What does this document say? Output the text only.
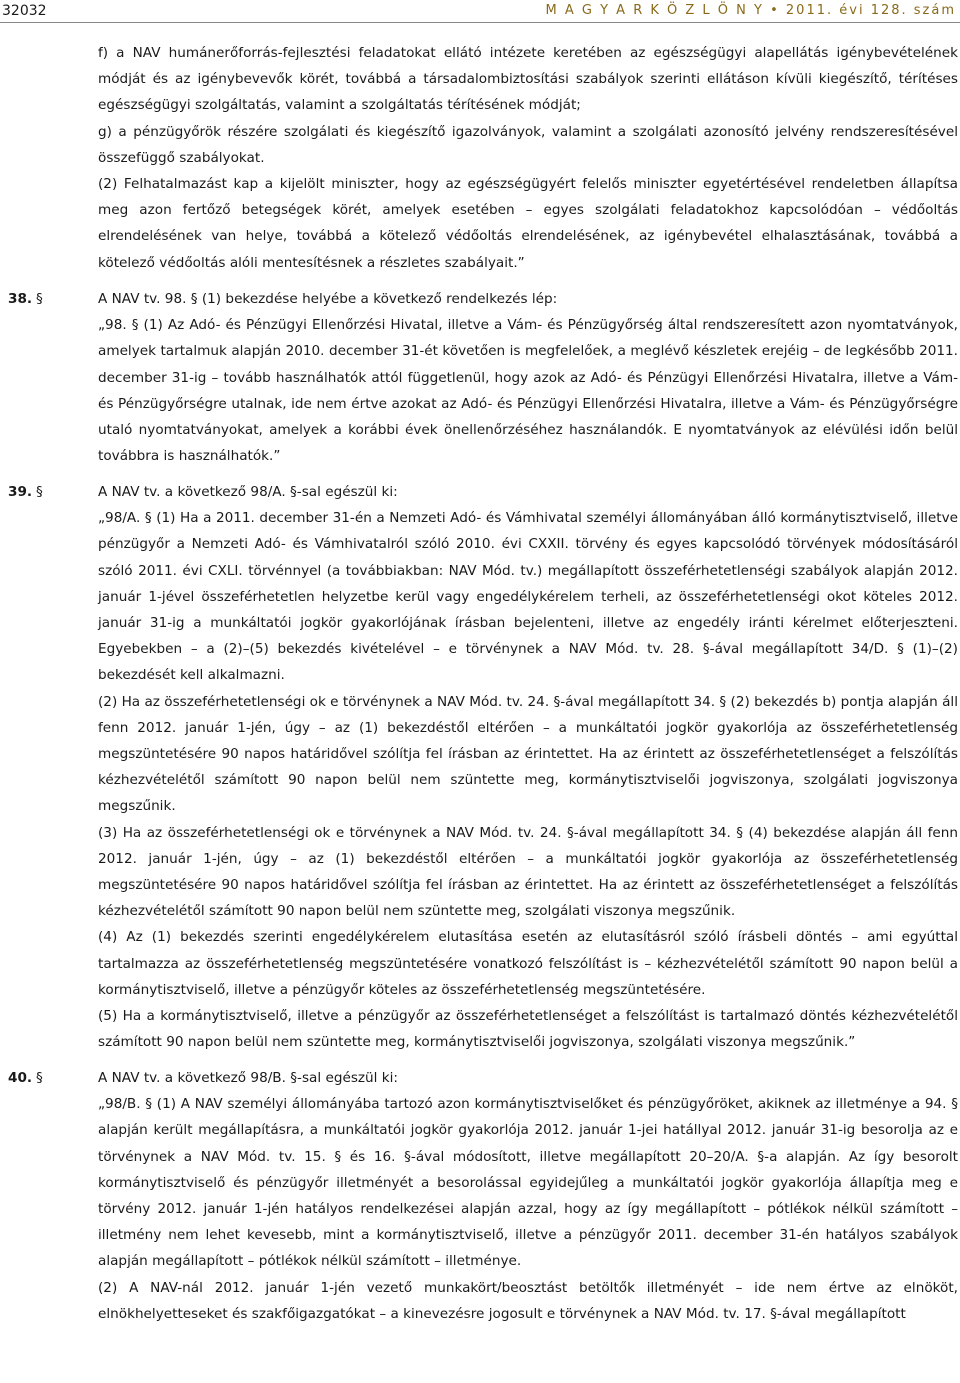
32032	M A G Y A R K Ö Z L Ö N Y • 2011. évi 128. szám

f) a NAV humánerőforrás-fejlesztési feladatokat ellátó intézete keretében az egészségügyi alapellátás igénybevételének módját és az igénybevevők körét, továbbá a társadalombiztosítási szabályok szerinti ellátáson kívüli kiegészítő, térítéses egészségügyi szolgáltatás, valamint a szolgáltatás térítésének módját;

g) a pénzügyőrök részére szolgálati és kiegészítő igazolványok, valamint a szolgálati azonosító jelvény rendszeresítésével összefüggő szabályokat.

(2) Felhatalmazást kap a kijelölt miniszter, hogy az egészségügyért felelős miniszter egyetértésével rendeletben állapítsa meg azon fertőző betegségek körét, amelyek esetében – egyes szolgálati feladatokhoz kapcsolódóan – védőoltás elrendelésének van helye, továbbá a kötelező védőoltás elrendelésének, az igénybevétel elhalasztásának, továbbá a kötelező védőoltás alóli mentesítésnek a részletes szabályait.”

38. §	A NAV tv. 98. § (1) bekezdése helyébe a következő rendelkezés lép:

„98. § (1) Az Adó- és Pénzügyi Ellenőrzési Hivatal, illetve a Vám- és Pénzügyőrség által rendszeresített azon nyomtatványok, amelyek tartalmuk alapján 2010. december 31-ét követően is megfelelőek, a meglévő készletek erejéig – de legkésőbb 2011. december 31-ig – tovább használhatók attól függetlenül, hogy azok az Adó- és Pénzügyi Ellenőrzési Hivatalra, illetve a Vám- és Pénzügyőrségre utalnak, ide nem értve azokat az Adó- és Pénzügyi Ellenőrzési Hivatalra, illetve a Vám- és Pénzügyőrségre utaló nyomtatványokat, amelyek a korábbi évek önellenőrzéséhez használandók. E nyomtatványok az elévülési időn belül továbbra is használhatók.”

39. §	A NAV tv. a következő 98/A. §-sal egészül ki:

„98/A. § (1) Ha a 2011. december 31-én a Nemzeti Adó- és Vámhivatal személyi állományában álló kormánytisztviselő, illetve pénzügyőr a Nemzeti Adó- és Vámhivatalról szóló 2010. évi CXXII. törvény és egyes kapcsolódó törvények módosításáról szóló 2011. évi CXLI. törvénnyel (a továbbiakban: NAV Mód. tv.) megállapított összeférhetetlenségi szabályok alapján 2012. január 1-jével összeférhetetlen helyzetbe kerül vagy engedélykérelem terheli, az összeférhetetlenségi okot köteles 2012. január 31-ig a munkáltatói jogkör gyakorlójának írásban bejelenteni, illetve az engedély iránti kérelmet előterjeszteni. Egyebekben – a (2)–(5) bekezdés kivételével – e törvénynek a NAV Mód. tv. 28. §-ával megállapított 34/D. § (1)–(2) bekezdését kell alkalmazni.

(2) Ha az összeférhetetlenségi ok e törvénynek a NAV Mód. tv. 24. §-ával megállapított 34. § (2) bekezdés b) pontja alapján áll fenn 2012. január 1-jén, úgy – az (1) bekezdéstől eltérően – a munkáltatói jogkör gyakorlója az összeférhetetlenség megszüntetésére 90 napos határidővel szólítja fel írásban az érintettet. Ha az érintett az összeférhetetlenséget a felszólítás kézhezvételétől számított 90 napon belül nem szüntette meg, kormánytisztviselői jogviszonya, szolgálati jogviszonya megszűnik.

(3) Ha az összeférhetetlenségi ok e törvénynek a NAV Mód. tv. 24. §-ával megállapított 34. § (4) bekezdése alapján áll fenn 2012. január 1-jén, úgy – az (1) bekezdéstől eltérően – a munkáltatói jogkör gyakorlója az összeférhetetlenség megszüntetésére 90 napos határidővel szólítja fel írásban az érintettet. Ha az érintett az összeférhetetlenséget a felszólítás kézhezvételétől számított 90 napon belül nem szüntette meg, szolgálati viszonya megszűnik.

(4) Az (1) bekezdés szerinti engedélykérelem elutasítása esetén az elutasításról szóló írásbeli döntés – ami egyúttal tartalmazza az összeférhetetlenség megszüntetésére vonatkozó felszólítást is – kézhezvételétől számított 90 napon belül a kormánytisztviselő, illetve a pénzügyőr köteles az összeférhetetlenség megszüntetésére.

(5) Ha a kormánytisztviselő, illetve a pénzügyőr az összeférhetetlenséget a felszólítást is tartalmazó döntés kézhezvételétől számított 90 napon belül nem szüntette meg, kormánytisztviselői jogviszonya, szolgálati viszonya megszűnik.”

40. §	A NAV tv. a következő 98/B. §-sal egészül ki:

„98/B. § (1) A NAV személyi állományába tartozó azon kormánytisztviselőket és pénzügyőröket, akiknek az illetménye a 94. § alapján került megállapításra, a munkáltatói jogkör gyakorlója 2012. január 1-jei hatállyal 2012. január 31-ig besorolja az e törvénynek a NAV Mód. tv. 15. § és 16. §-ával módosított, illetve megállapított 20–20/A. §-a alapján. Az így besorolt kormánytisztviselő és pénzügyőr illetményét a besorolással egyidejűleg a munkáltatói jogkör gyakorlója állapítja meg e törvény 2012. január 1-jén hatályos rendelkezései alapján azzal, hogy az így megállapított – pótlékok nélkül számított – illetmény nem lehet kevesebb, mint a kormánytisztviselő, illetve a pénzügyőr 2011. december 31-én hatályos szabályok alapján megállapított – pótlékok nélkül számított – illetménye.

(2) A NAV-nál 2012. január 1-jén vezető munkakört/beosztást betöltők illetményét – ide nem értve az elnököt, elnökhelyetteseket és szakfőigazgatókat – a kinevezésre jogosult e törvénynek a NAV Mód. tv. 17. §-ával megállapított
